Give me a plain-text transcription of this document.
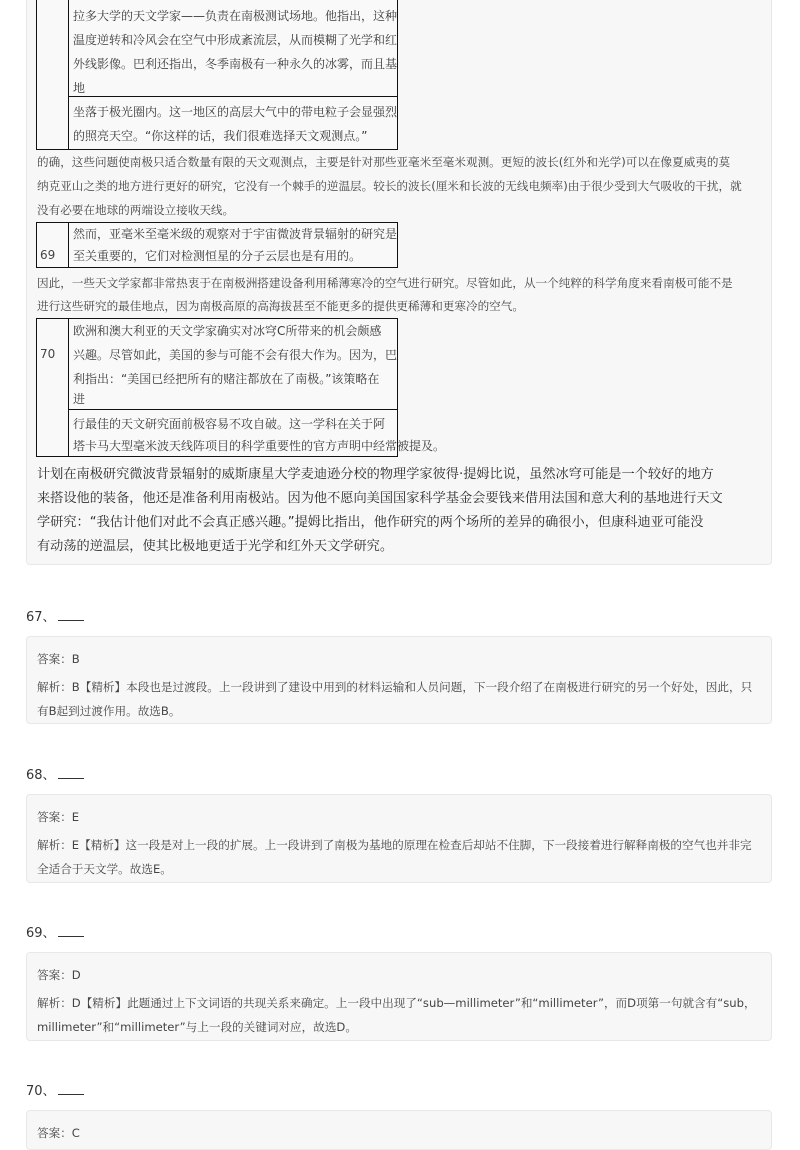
拉多大学的天文学家——负责在南极测试场地。他指出，这种
温度逆转和冷风会在空气中形成紊流层，从而模糊了光学和红
外线影像。巴利还指出，冬季南极有一种永久的冰雾，而且基
地
坐落于极光圈内。这一地区的高层大气中的带电粒子会显强烈
的照亮天空。“你这样的话，我们很难选择天文观测点。”
的确，这些问题使南极只适合数量有限的天文观测点，主要是针对那些亚毫米至毫米观测。更短的波长(红外和光学)可以在像夏威夷的莫
纳克亚山之类的地方进行更好的研究，它没有一个棘手的逆温层。较长的波长(厘米和长波的无线电频率)由于很少受到大气吸收的干扰，就
没有必要在地球的两端设立接收天线。
69
然而，亚毫米至毫米级的观察对于宇宙微波背景辐射的研究是
至关重要的，它们对检测恒星的分子云层也是有用的。
因此，一些天文学家都非常热衷于在南极洲搭建设备利用稀薄寒冷的空气进行研究。尽管如此，从一个纯粹的科学角度来看南极可能不是
进行这些研究的最佳地点，因为南极高原的高海拔甚至不能更多的提供更稀薄和更寒冷的空气。
70
欧洲和澳大利亚的天文学家确实对冰穹C所带来的机会颇感
兴趣。尽管如此，美国的参与可能不会有很大作为。因为，巴
利指出：“美国已经把所有的赌注都放在了南极。”该策略在
进
行最佳的天文研究面前极容易不攻自破。这一学科在关于阿
塔卡马大型毫米波天线阵项目的科学重要性的官方声明中经常被提及。
计划在南极研究微波背景辐射的威斯康星大学麦迪逊分校的物理学家彼得·提姆比说，虽然冰穹可能是一个较好的地方
来搭设他的装备，他还是准备利用南极站。因为他不愿向美国国家科学基金会要钱来借用法国和意大利的基地进行天文
学研究：“我估计他们对此不会真正感兴趣。”提姆比指出，他作研究的两个场所的差异的确很小，但康科迪亚可能没
有动荡的逆温层，使其比极地更适于光学和红外天文学研究。
67、
答案：B
解析：B【精析】本段也是过渡段。上一段讲到了建设中用到的材料运输和人员问题，下一段介绍了在南极进行研究的另一个好处，因此，只有B起到过渡作用。故选B。
68、
答案：E
解析：E【精析】这一段是对上一段的扩展。上一段讲到了南极为基地的原理在检查后却站不住脚，下一段接着进行解释南极的空气也并非完全适合于天文学。故选E。
69、
答案：D
解析：D【精析】此题通过上下文词语的共现关系来确定。上一段中出现了“sub—millimeter”和“millimeter”，而D项第一句就含有“sub，millimeter”和“millimeter”与上一段的关键词对应，故选D。
70、
答案：C
